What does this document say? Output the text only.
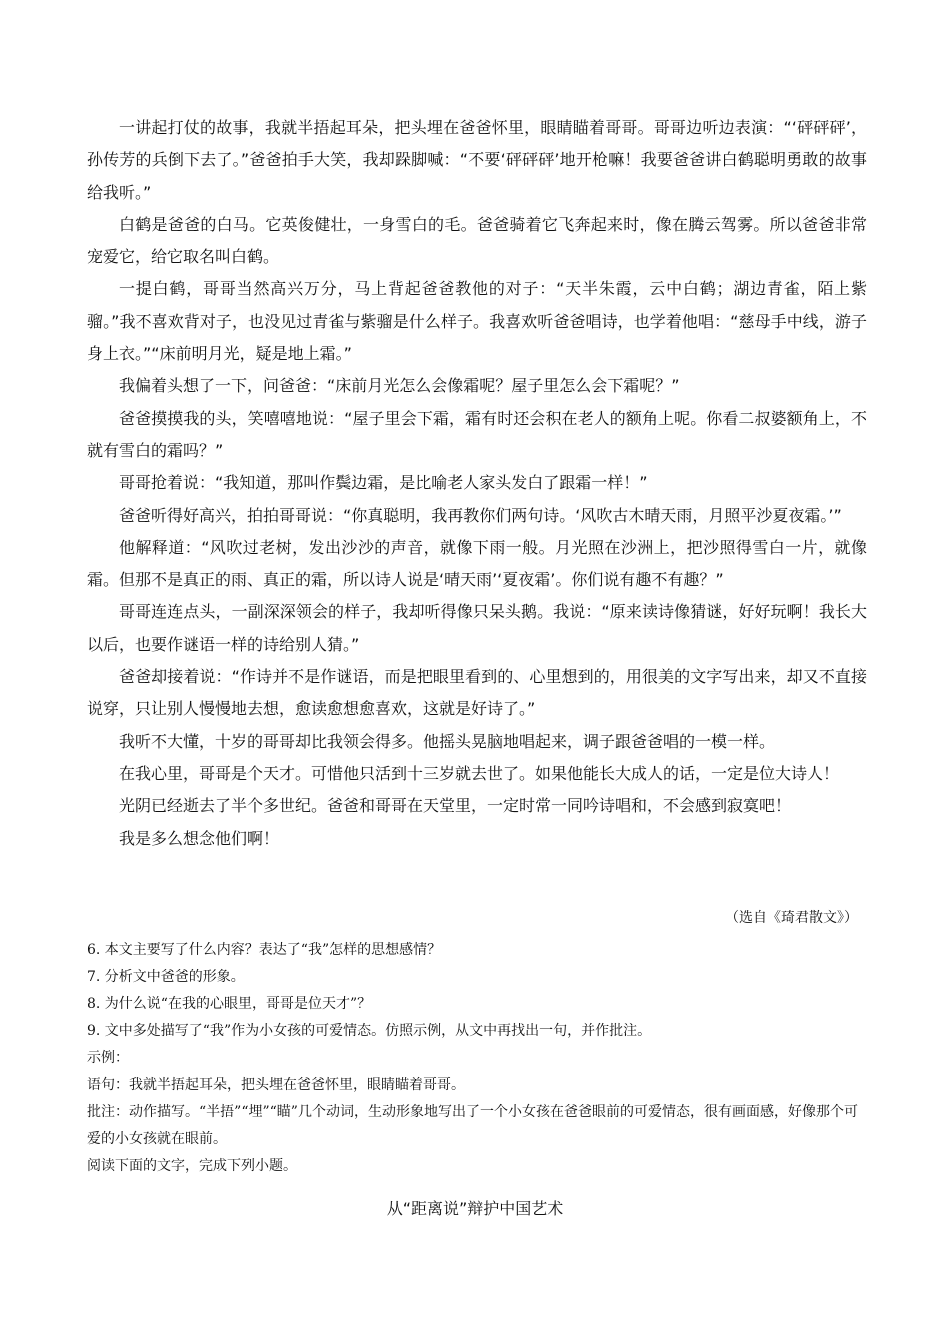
一讲起打仗的故事，我就半捂起耳朵，把头埋在爸爸怀里，眼睛瞄着哥哥。哥哥边听边表演：“‘砰砰砰’，孙传芳的兵倒下去了。”爸爸拍手大笑，我却跺脚喊：“不要‘砰砰砰’地开枪嘛！我要爸爸讲白鹤聪明勇敢的故事给我听。”

白鹤是爸爸的白马。它英俊健壮，一身雪白的毛。爸爸骑着它飞奔起来时，像在腾云驾雾。所以爸爸非常宠爱它，给它取名叫白鹤。

一提白鹤，哥哥当然高兴万分，马上背起爸爸教他的对子：“天半朱霞，云中白鹤；湖边青雀，陌上紫骝。”我不喜欢背对子，也没见过青雀与紫骝是什么样子。我喜欢听爸爸唱诗，也学着他唱：“慈母手中线，游子身上衣。”“床前明月光，疑是地上霜。”

我偏着头想了一下，问爸爸：“床前月光怎么会像霜呢？屋子里怎么会下霜呢？”

爸爸摸摸我的头，笑嘻嘻地说：“屋子里会下霜，霜有时还会积在老人的额角上呢。你看二叔婆额角上，不就有雪白的霜吗？”

哥哥抢着说：“我知道，那叫作鬓边霜，是比喻老人家头发白了跟霜一样！”

爸爸听得好高兴，拍拍哥哥说：“你真聪明，我再教你们两句诗。‘风吹古木晴天雨，月照平沙夏夜霜。’”

他解释道：“风吹过老树，发出沙沙的声音，就像下雨一般。月光照在沙洲上，把沙照得雪白一片，就像霜。但那不是真正的雨、真正的霜，所以诗人说是‘晴天雨’‘夏夜霜’。你们说有趣不有趣？”

哥哥连连点头，一副深深领会的样子，我却听得像只呆头鹅。我说：“原来读诗像猜谜，好好玩啊！我长大以后，也要作谜语一样的诗给别人猜。”

爸爸却接着说：“作诗并不是作谜语，而是把眼里看到的、心里想到的，用很美的文字写出来，却又不直接说穿，只让别人慢慢地去想，愈读愈想愈喜欢，这就是好诗了。”

我听不大懂，十岁的哥哥却比我领会得多。他摇头晃脑地唱起来，调子跟爸爸唱的一模一样。

在我心里，哥哥是个天才。可惜他只活到十三岁就去世了。如果他能长大成人的话，一定是位大诗人！

光阴已经逝去了半个多世纪。爸爸和哥哥在天堂里，一定时常一同吟诗唱和，不会感到寂寞吧！

我是多么想念他们啊！

（选自《琦君散文》）

6. 本文主要写了什么内容？表达了“我”怎样的思想感情？

7. 分析文中爸爸的形象。

8. 为什么说“在我的心眼里，哥哥是位天才”？

9. 文中多处描写了“我”作为小女孩的可爱情态。仿照示例，从文中再找出一句，并作批注。

示例：

语句：我就半捂起耳朵，把头埋在爸爸怀里，眼睛瞄着哥哥。

批注：动作描写。“半捂”“埋”“瞄”几个动词，生动形象地写出了一个小女孩在爸爸眼前的可爱情态，很有画面感，好像那个可爱的小女孩就在眼前。

阅读下面的文字，完成下列小题。

从“距离说”辩护中国艺术
